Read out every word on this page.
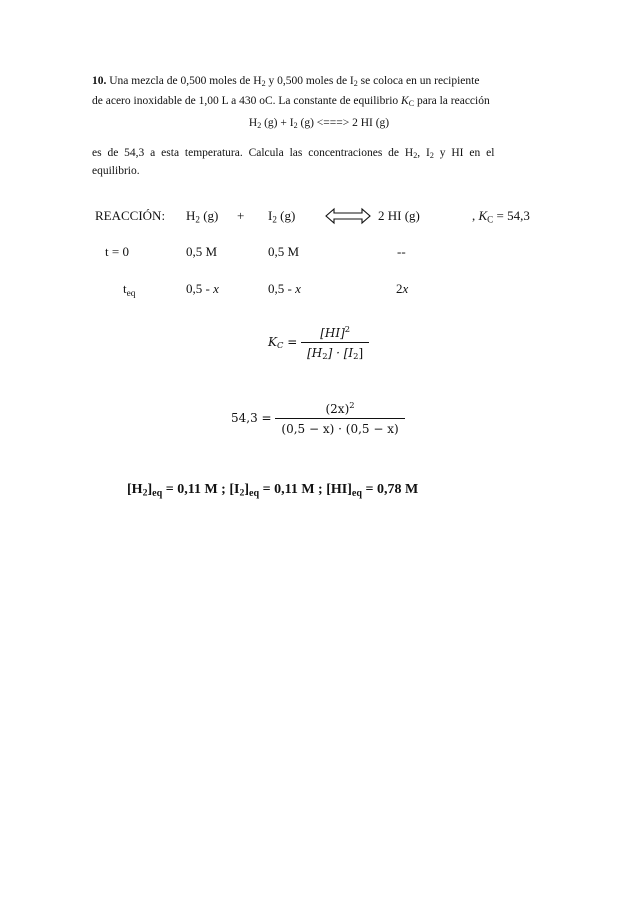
10. Una mezcla de 0,500 moles de $H_2$ y 0,500 moles de $I_2$ se coloca en un recipiente
de acero inoxidable de 1,00 L a 430 oC. La constante de equilibrio $K_C$ para la reacción
$H_2$ $(g) + I_2$ (g) <===> 2 HI (g)
es de 54,3 a esta temperatura. Calcula las concentraciones de $H_2$, $I_2$ y HI en el
equilibrio.
REACCIÓN: $H_2$ $(g) + I_2$ (g) ⇌ 2 HI (g)	, $K_C = 54,3$
t = 0	0,5 M	0,5 M	--
$t_{eq}$	0,5 - x	0,5 - x	2x
$K_C = \frac{[HI]^2}{[H_2] \cdot [I_2]}$
$54,3 = \frac{(2x)^2}{(0,5 - x) \cdot (0,5 - x)}$
$[H_2]_{eq} = 0,11$ M ; $[I_2]_{eq} = 0,11$ M ; $[HI]_{eq} = 0,78$ M
